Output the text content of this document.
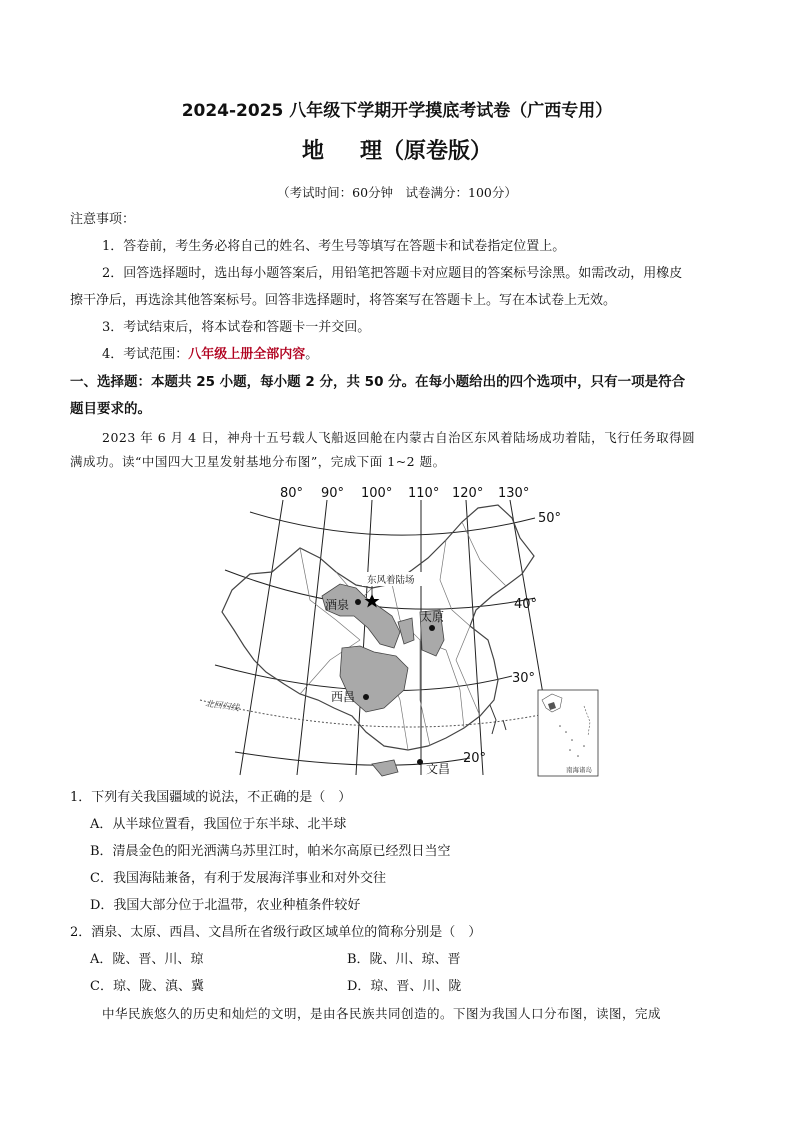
2024-2025 八年级下学期开学摸底考试卷（广西专用）
地 理（原卷版）
（考试时间：60分钟　试卷满分：100分）
注意事项：
1．答卷前，考生务必将自己的姓名、考生号等填写在答题卡和试卷指定位置上。
2．回答选择题时，选出每小题答案后，用铅笔把答题卡对应题目的答案标号涂黑。如需改动，用橡皮
擦干净后，再选涂其他答案标号。回答非选择题时，将答案写在答题卡上。写在本试卷上无效。
3．考试结束后，将本试卷和答题卡一并交回。
4．考试范围：八年级上册全部内容。
一、选择题：本题共 25 小题，每小题 2 分，共 50 分。在每小题给出的四个选项中，只有一项是符合
题目要求的。
2023 年 6 月 4 日，神舟十五号载人飞船返回舱在内蒙古自治区东风着陆场成功着陆，飞行任务取得圆
满成功。读“中国四大卫星发射基地分布图”，完成下面 1~2 题。
东风着陆场
酒泉
太原
西昌
文昌
80° 90° 100° 110° 120° 130°
50°
40°
30°
20°
北回归线
南海诸岛
1．下列有关我国疆域的说法，不正确的是（　）
A．从半球位置看，我国位于东半球、北半球
B．清晨金色的阳光洒满乌苏里江时，帕米尔高原已经烈日当空
C．我国海陆兼备，有利于发展海洋事业和对外交往
D．我国大部分位于北温带，农业种植条件较好
2．酒泉、太原、西昌、文昌所在省级行政区域单位的简称分别是（　）
A．陇、晋、川、琼	B．陇、川、琼、晋
C．琼、陇、滇、冀	D．琼、晋、川、陇
中华民族悠久的历史和灿烂的文明，是由各民族共同创造的。下图为我国人口分布图，读图，完成
